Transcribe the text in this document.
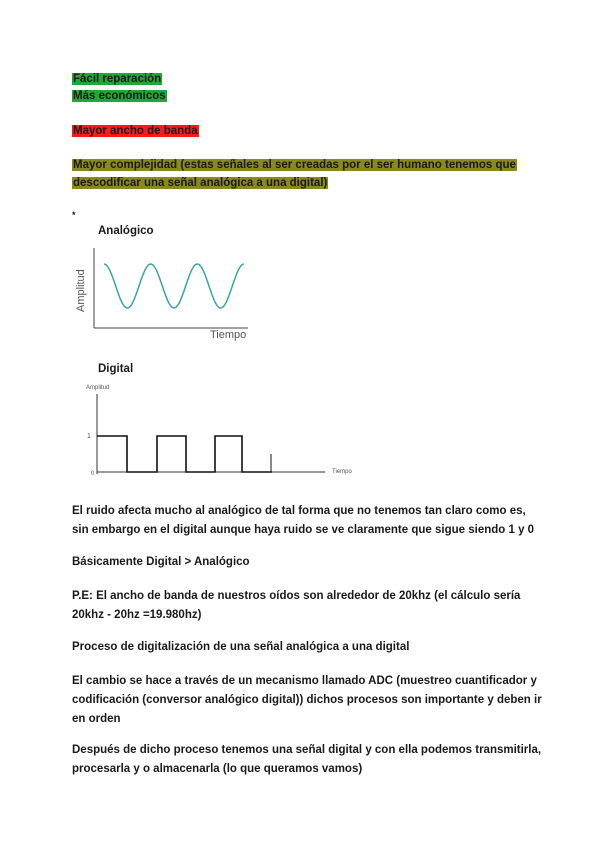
Fácil reparación
Más económicos
Mayor ancho de banda
Mayor complejidad (estas señales al ser creadas por el ser humano tenemos que
descodificar una señal analógica a una digital)
*
Analógico
Amplitud
Tiempo
Digital
Amplitud
1
0	Tiempo
El ruido afecta mucho al analógico de tal forma que no tenemos tan claro como es, sin embargo en el digital aunque haya ruido se ve claramente que sigue siendo 1 y 0
Básicamente Digital > Analógico
P.E: El ancho de banda de nuestros oídos son alrededor de 20khz (el cálculo sería 20khz - 20hz =19.980hz)
Proceso de digitalización de una señal analógica a una digital
El cambio se hace a través de un mecanismo llamado ADC (muestreo cuantificador y codificación (conversor analógico digital)) dichos procesos son importante y deben ir en orden
Después de dicho proceso tenemos una señal digital y con ella podemos transmitirla, procesarla y o almacenarla (lo que queramos vamos)
